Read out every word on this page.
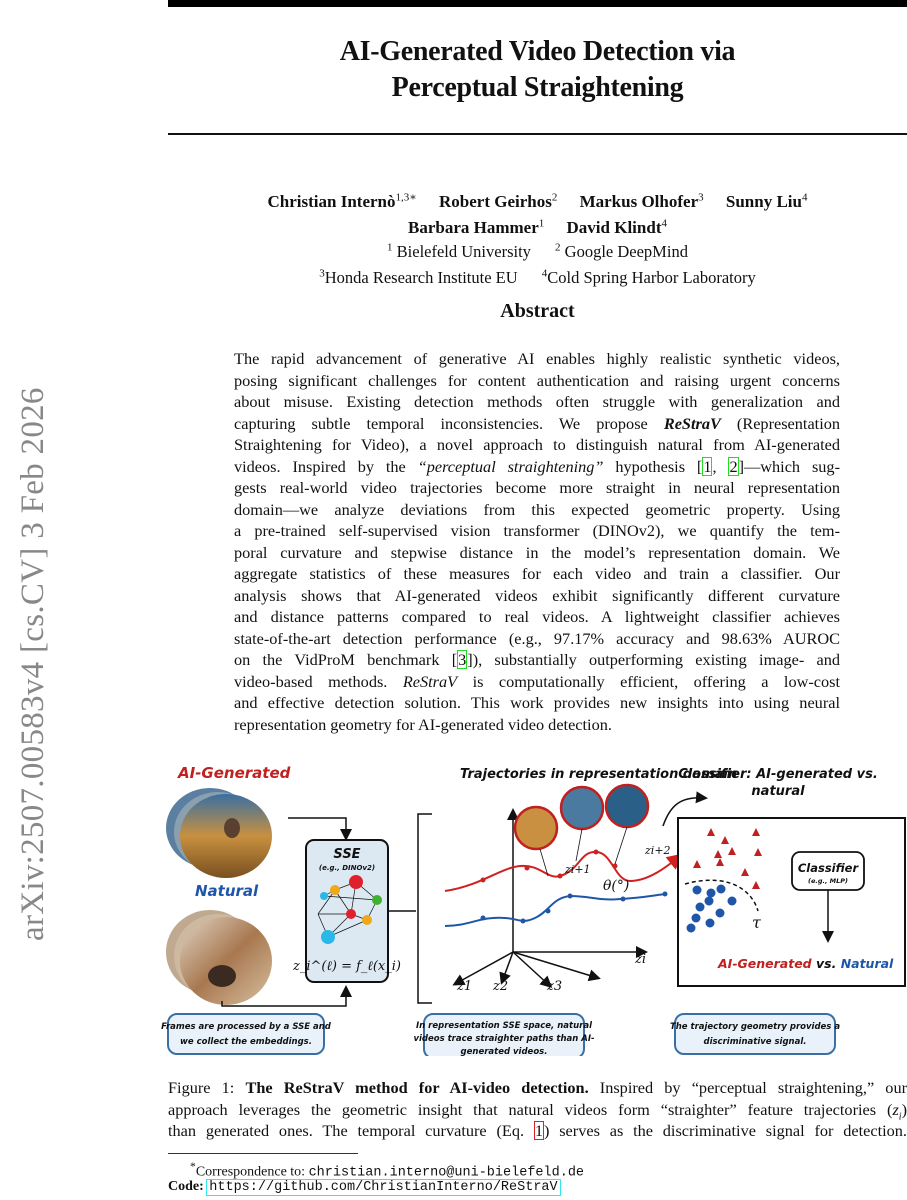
AI-Generated Video Detection via
Perceptual Straightening
Christian Internò$^{1,3∗}$ Robert Geirhos$^2$ Markus Olhofer$^3$ Sunny Liu$^4$
Barbara Hammer$^1$ David Klindt$^4$
$^1$ Bielefeld University $^2$ Google DeepMind
$^3$Honda Research Institute EU $^4$Cold Spring Harbor Laboratory
arXiv:2507.00583v4 [cs.CV] 3 Feb 2026
Abstract
The rapid advancement of generative AI enables highly realistic synthetic videos,
posing significant challenges for content authentication and raising urgent concerns
about misuse. Existing detection methods often struggle with generalization and
capturing subtle temporal inconsistencies. We propose ReStraV (Representation
Straightening for Video), a novel approach to distinguish natural from AI-generated
videos. Inspired by the “perceptual straightening” hypothesis [1, 2]—which sug-
gests real-world video trajectories become more straight in neural representation
domain—we analyze deviations from this expected geometric property. Using
a pre-trained self-supervised vision transformer (DINOv2), we quantify the tem-
poral curvature and stepwise distance in the model’s representation domain. We
aggregate statistics of these measures for each video and train a classifier. Our
analysis shows that AI-generated videos exhibit significantly different curvature
and distance patterns compared to real videos. A lightweight classifier achieves
state-of-the-art detection performance (e.g., 97.17% accuracy and 98.63% AUROC
on the VidProM benchmark [3]), substantially outperforming existing image- and
video-based methods. ReStraV is computationally efficient, offering a low-cost
and effective detection solution. This work provides new insights into using neural
representation geometry for AI-generated video detection.
AI-Generated
Natural
SSE
(e.g., DINOv2)
z_i^(ℓ) = f_ℓ(x_i)
Trajectories in representation domain
z1 z2	z3
zi
zi+1
zi+2
θ(°)
Classifier: AI-generated vs.
natural
τ
Classifier
(e.g., MLP)
AI-Generated vs. Natural
Frames are processed by a SSE and
we collect the embeddings.
In representation SSE space, natural
videos trace straighter paths than AI-
generated videos.
The trajectory geometry provides a
discriminative signal.
Figure 1: The ReStraV method for AI-video detection. Inspired by “perceptual straightening,” our
approach leverages the geometric insight that natural videos form “straighter” feature trajectories $(z_i)$
than generated ones. The temporal curvature (Eq. 1) serves as the discriminative signal for detection.
*Correspondence to: christian.interno@uni-bielefeld.de
Code: https://github.com/ChristianInterno/ReStraV
